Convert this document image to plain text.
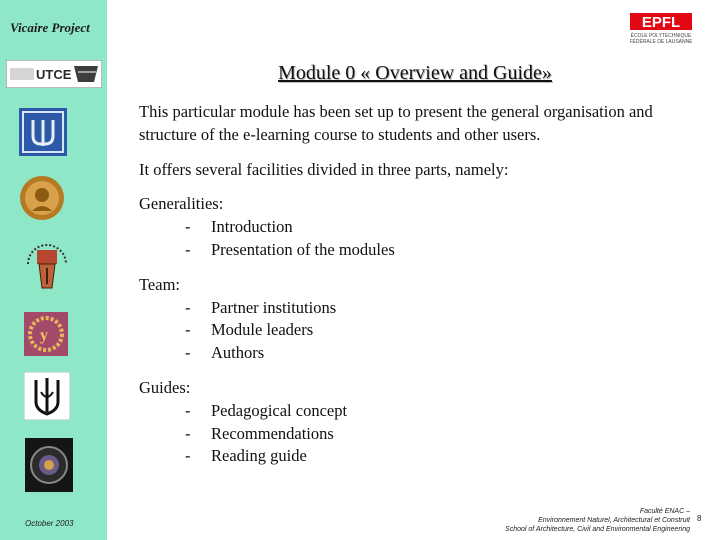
Vicaire Project
UTCE
y
October 2003
EPFL
ÉCOLE POLYTECHNIQUE
FÉDÉRALE DE LAUSANNE
Module 0 « Overview and Guide»

This particular module has been set up to present the general organisation and structure of the e-learning course to students and other users.

It offers several facilities divided in three parts, namely:

Generalities:
- Introduction
- Presentation of the modules
Team:
- Partner institutions
- Module leaders
- Authors
Guides:
- Pedagogical concept
- Recommendations
- Reading guide
Faculté ENAC –
Environnement Naturel, Architectural et Construit
School of Architecture, Civil and Environmental Engineering
8
